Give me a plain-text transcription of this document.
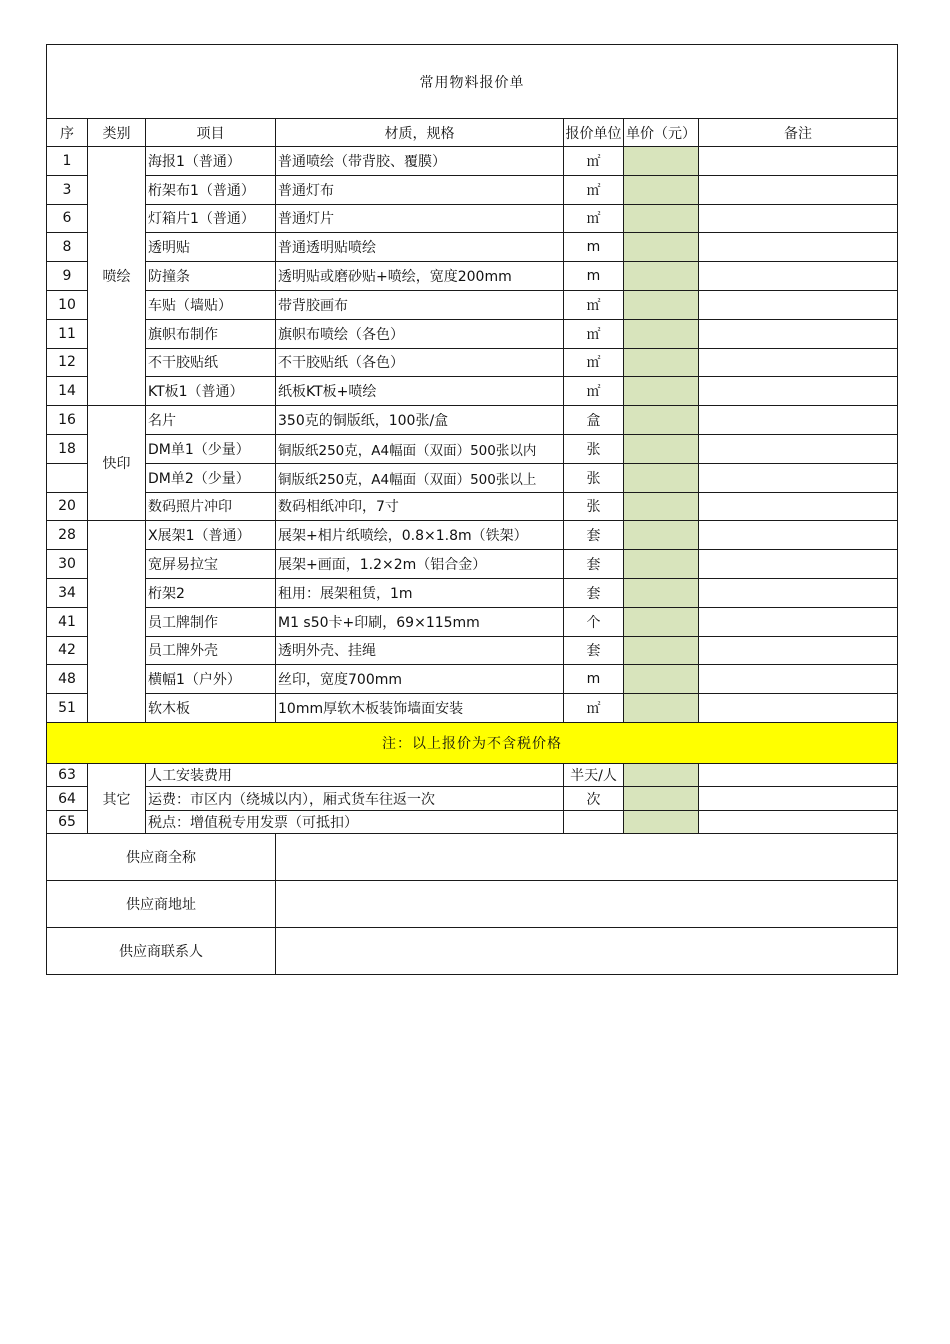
常用物料报价单						
序	类别	项目	材质，规格	报价单位	单价（元）	备注
1	喷绘	海报1（普通）	普通喷绘（带背胶、覆膜）	㎡		
3		桁架布1（普通）	普通灯布	㎡		
6		灯箱片1（普通）	普通灯片	㎡		
8		透明贴	普通透明贴喷绘	m		
9		防撞条	透明贴或磨砂贴+喷绘，宽度200mm	m		
10		车贴（墙贴）	带背胶画布	㎡		
11		旗帜布制作	旗帜布喷绘（各色）	㎡		
12		不干胶贴纸	不干胶贴纸（各色）	㎡		
14		KT板1（普通）	纸板KT板+喷绘	㎡		
16	快印	名片	350克的铜版纸，100张/盒	盒		
18		DM单1（少量）	铜版纸250克，A4幅面（双面）500张以内	张		
		DM单2（少量）	铜版纸250克，A4幅面（双面）500张以上	张		
20		数码照片冲印	数码相纸冲印，7寸	张		
28		X展架1（普通）	展架+相片纸喷绘，0.8×1.8m（铁架）	套		
30		宽屏易拉宝	展架+画面，1.2×2m（铝合金）	套		
34		桁架2	租用：展架租赁，1m	套		
41		员工牌制作	M1 s50卡+印刷，69×115mm	个		
42		员工牌外壳	透明外壳、挂绳	套		
48		横幅1（户外）	丝印，宽度700mm	m		
51		软木板	10mm厚软木板装饰墙面安装	㎡		
注：以上报价为不含税价格						
63	其它	人工安装费用		半天/人		
64		运费：市区内（绕城以内），厢式货车往返一次		次		
65		税点：增值税专用发票（可抵扣）				
供应商全称						
供应商地址						
供应商联系人						
